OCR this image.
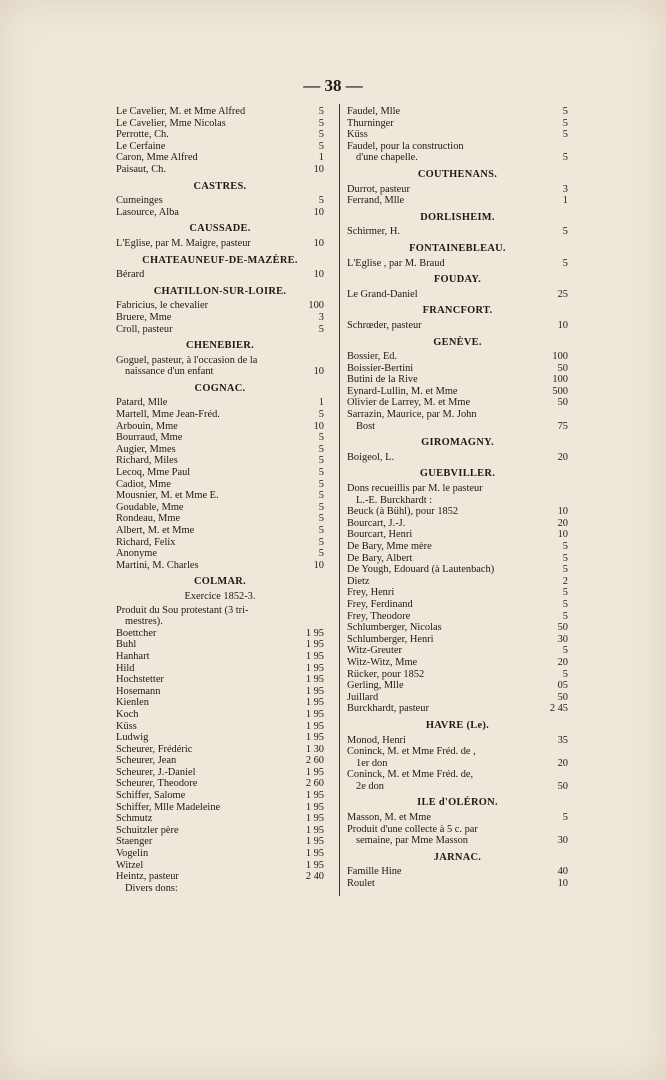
— 38 —
Le Cavelier, M. et Mme Alfred	5
Le Cavelier, Mme Nicolas	5
Perrotte, Ch.	5
Le Cerfaine	5
Caron, Mme Alfred	1
Paisaut, Ch.	10
CASTRES.
Cumeinges	5
Lasource, Alba	10
CAUSSADE.
L'Eglise, par M. Maigre, pasteur	10
CHATEAUNEUF-DE-MAZÈRE.
Bérard	10
CHATILLON-SUR-LOIRE.
Fabricius, le chevalier	100
Bruere, Mme	3
Croll, pasteur	5
CHENEBIER.
Goguel, pasteur, à l'occasion de la
naissance d'un enfant	10
COGNAC.
Patard, Mlle	1
Martell, Mme Jean-Fréd.	5
Arbouin, Mme	10
Bourraud, Mme	5
Augier, Mmes	5
Richard, Miles	5
Lecoq, Mme Paul	5
Cadiot, Mme	5
Mousnier, M. et Mme E.	5
Goudable, Mme	5
Rondeau, Mme	5
Albert, M. et Mme	5
Richard, Felix	5
Anonyme	5
Martini, M. Charles	10
COLMAR.
Exercice 1852-3.
Produit du Sou protestant (3 tri-
mestres).
Boettcher	1 95
Buhl	1 95
Hanhart	1 95
Hild	1 95
Hochstetter	1 95
Hosemann	1 95
Kienlen	1 95
Koch	1 95
Küss	1 95
Ludwig	1 95
Scheurer, Frédéric	1 30
Scheurer, Jean	2 60
Scheurer, J.-Daniel	1 95
Scheurer, Theodore	2 60
Schiffer, Salome	1 95
Schiffer, Mlle Madeleine	1 95
Schmutz	1 95
Schuitzler père	1 95
Staenger	1 95
Vogelin	1 95
Witzel	1 95
Heintz, pasteur	2 40
Divers dons:
Faudel, Mlle	5
Thurninger	5
Küss	5
Faudel, pour la construction
d'une chapelle.	5
COUTHENANS.
Durrot, pasteur	3
Ferrand, Mlle	1
DORLISHEIM.
Schirmer, H.	5
FONTAINEBLEAU.
L'Eglise , par M. Braud	5
FOUDAY.
Le Grand-Daniel	25
FRANCFORT.
Schrœder, pasteur	10
GENÈVE.
Bossier, Ed.	100
Boissier-Bertini	50
Butini de la Rive	100
Eynard-Lullin, M. et Mme	500
Olivier de Larrey, M. et Mme	50
Sarrazin, Maurice, par M. John
Bost	75
GIROMAGNY.
Boigeol, L.	20
GUEBVILLER.
Dons recueillis par M. le pasteur
L.-E. Burckhardt :
Beuck (à Bühl), pour 1852	10
Bourcart, J.-J.	20
Bourcart, Henri	10
De Bary, Mme mère	5
De Bary, Albert	5
De Yough, Edouard (à Lautenbach)	5
Dietz	2
Frey, Henri	5
Frey, Ferdinand	5
Frey, Theodore	5
Schlumberger, Nicolas	50
Schlumberger, Henri	30
Witz-Greuter	5
Witz-Witz, Mme	20
Rücker, pour 1852	5
Gerling, Mlle	05
Juillard	50
Burckhardt, pasteur	2 45
HAVRE (Le).
Monod, Henri	35
Coninck, M. et Mme Fréd. de ,
1er don	20
Coninck, M. et Mme Fréd. de,
2e don	50
ILE d'OLÉRON.
Masson, M. et Mme	5
Produit d'une collecte à 5 c. par
semaine, par Mme Masson	30
JARNAC.
Famille Hine	40
Roulet	10
